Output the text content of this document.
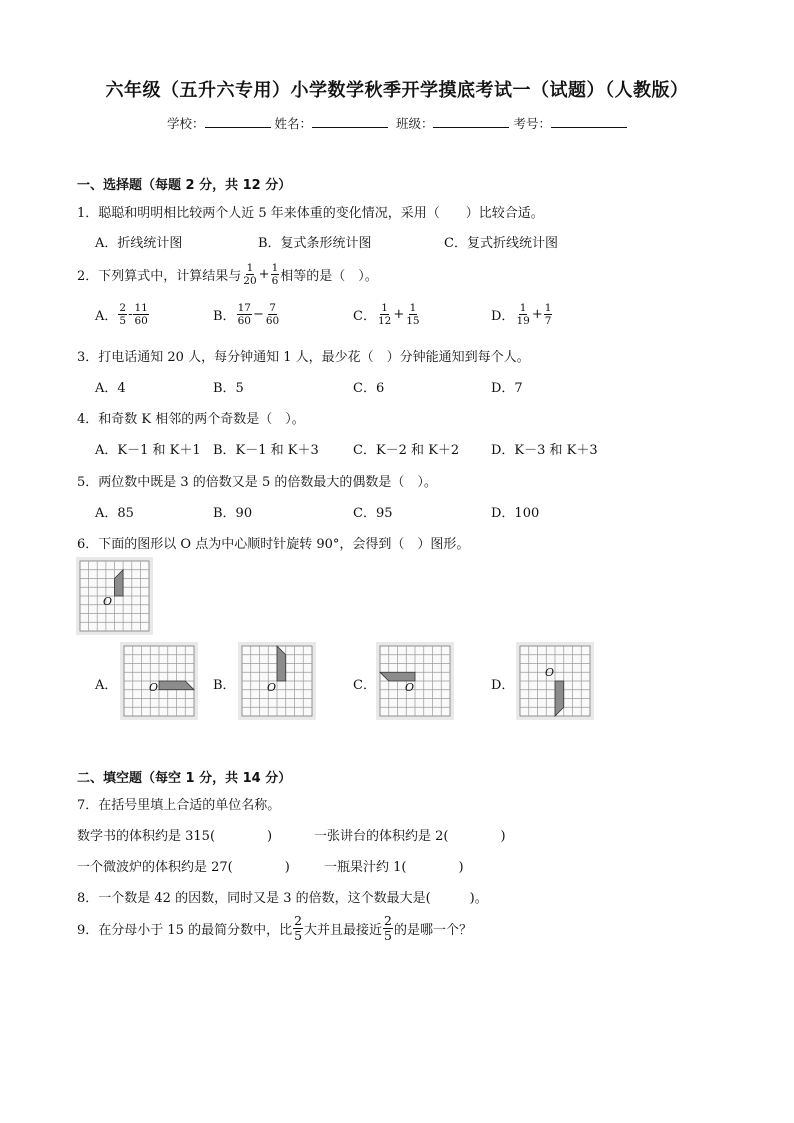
六年级（五升六专用）小学数学秋季开学摸底考试一（试题）（人教版）
学校：	姓名：	班级：	考号：
一、选择题（每题 2 分，共 12 分）
1．聪聪和明明相比较两个人近 5 年来体重的变化情况，采用（　　）比较合适。
A．折线统计图	B．复式条形统计图	C．复式折线统计图
2．下列算式中，计算结果与 $\frac{1}{20} + \frac{1}{6}$ 相等的是（　）。
A． $\frac{2}{5} - \frac{11}{60}$	B． $\frac{17}{60} - \frac{7}{60}$	C． $\frac{1}{12} + \frac{1}{15}$	D． $\frac{1}{19} + \frac{1}{7}$
3．打电话通知 20 人，每分钟通知 1 人，最少花（　）分钟能通知到每个人。
A．4	B．5	C．6	D．7
4．和奇数 K 相邻的两个奇数是（　）。
A．K－1 和 K＋1 B．K－1 和 K＋3	C．K－2 和 K＋2 D．K－3 和 K＋3
5．两位数中既是 3 的倍数又是 5 的倍数最大的偶数是（　）。
A．85	B．90	C．95	D．100
6．下面的图形以 O 点为中心顺时针旋转 90°，会得到（　）图形。
O
A．	O	B．	O	C．	O	D．
O
二、填空题（每空 1 分，共 14 分）
7．在括号里填上合适的单位名称。
数学书的体积约是 315(　　　　)	一张讲台的体积约是 2(　　　　)
一个微波炉的体积约是 27(　　　　)	一瓶果汁约 1(　　　　)
8．一个数是 42 的因数，同时又是 3 的倍数，这个数最大是(　　　)。
9．在分母小于 15 的最简分数中，比 $\frac{2}{5}$ 大并且最接近 $\frac{2}{5}$ 的是哪一个？
